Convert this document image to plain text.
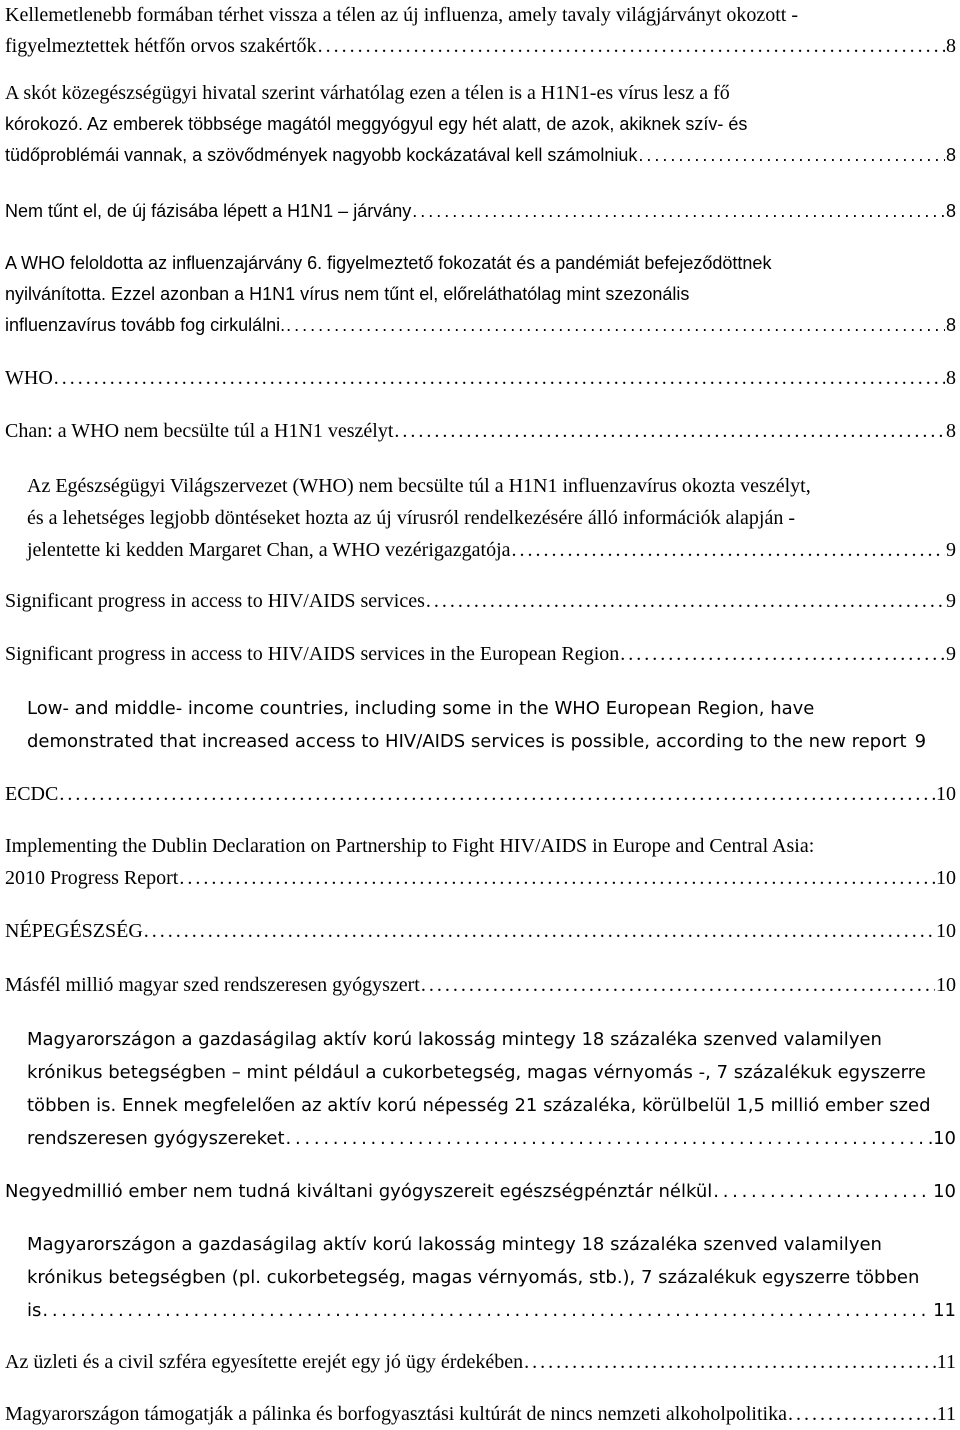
Kellemetlenebb formában térhet vissza a télen az új influenza, amely tavaly világjárványt okozott -
figyelmeztettek hétfőn orvos szakértők . . .	8
A skót közegészségügyi hivatal szerint várhatólag ezen a télen is a H1N1-es vírus lesz a fő
kórokozó. Az emberek többsége magától meggyógyul egy hét alatt, de azok, akiknek szív- és
tüdőproblémái vannak, a szövődmények nagyobb kockázatával kell számolniuk . . .	8
Nem tűnt el, de új fázisába lépett a H1N1 – járvány . . .	8
A WHO feloldotta az influenzajárvány 6. figyelmeztető fokozatát és a pandémiát befejeződöttnek
nyilvánította. Ezzel azonban a H1N1 vírus nem tűnt el, előreláthatólag mint szezonális
influenzavírus tovább fog cirkulálni. . . .	8
WHO . . .	8
Chan: a WHO nem becsülte túl a H1N1 veszélyt . . .	8
Az Egészségügyi Világszervezet (WHO) nem becsülte túl a H1N1 influenzavírus okozta veszélyt,
és a lehetséges legjobb döntéseket hozta az új vírusról rendelkezésére álló információk alapján -
jelentette ki kedden Margaret Chan, a WHO vezérigazgatója . . .	9
Significant progress in access to HIV/AIDS services . . .	9
Significant progress in access to HIV/AIDS services in the European Region . . .	9
Low- and middle- income countries, including some in the WHO European Region, have
demonstrated that increased access to HIV/AIDS services is possible, according to the new report 9
ECDC . . .	10
Implementing the Dublin Declaration on Partnership to Fight HIV/AIDS in Europe and Central Asia:
2010 Progress Report . . .	10
NÉPEGÉSZSÉG . . .	10
Másfél millió magyar szed rendszeresen gyógyszert . . .	10
Magyarországon a gazdaságilag aktív korú lakosság mintegy 18 százaléka szenved valamilyen
krónikus betegségben – mint például a cukorbetegség, magas vérnyomás -, 7 százalékuk egyszerre
többen is. Ennek megfelelően az aktív korú népesség 21 százaléka, körülbelül 1,5 millió ember szed
rendszeresen gyógyszereket . . .	10
Negyedmillió ember nem tudná kiváltani gyógyszereit egészségpénztár nélkül . . .	10
Magyarországon a gazdaságilag aktív korú lakosság mintegy 18 százaléka szenved valamilyen
krónikus betegségben (pl. cukorbetegség, magas vérnyomás, stb.), 7 százalékuk egyszerre többen
is . . .	11
Az üzleti és a civil szféra egyesítette erejét egy jó ügy érdekében . . .	11
Magyarországon támogatják a pálinka és borfogyasztási kultúrát de nincs nemzeti alkoholpolitika . . .	11
